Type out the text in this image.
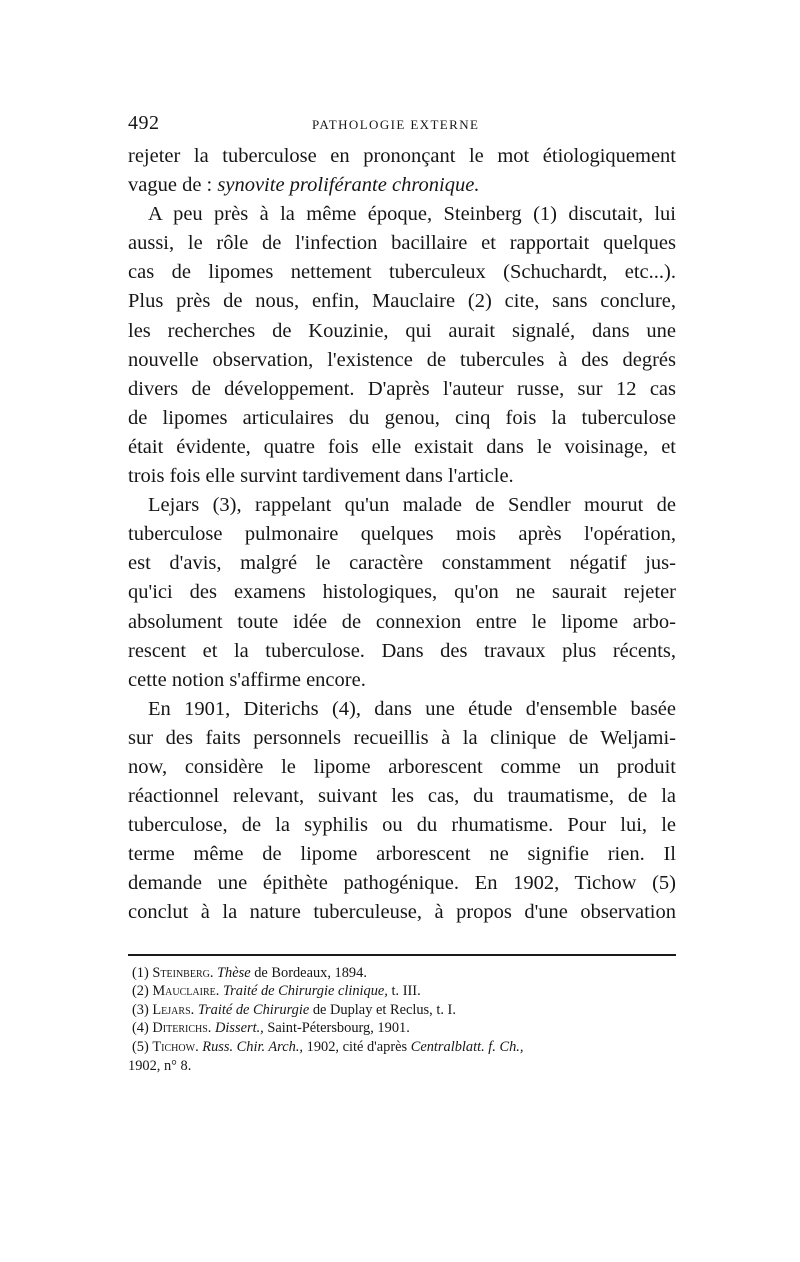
492	PATHOLOGIE EXTERNE
rejeter la tuberculose en prononçant le mot étiologiquement
vague de : synovite proliférante chronique.
A peu près à la même époque, Steinberg (1) discutait, lui
aussi, le rôle de l'infection bacillaire et rapportait quelques
cas de lipomes nettement tuberculeux (Schuchardt, etc...).
Plus près de nous, enfin, Mauclaire (2) cite, sans conclure,
les recherches de Kouzinie, qui aurait signalé, dans une
nouvelle observation, l'existence de tubercules à des degrés
divers de développement. D'après l'auteur russe, sur 12 cas
de lipomes articulaires du genou, cinq fois la tuberculose
était évidente, quatre fois elle existait dans le voisinage, et
trois fois elle survint tardivement dans l'article.
Lejars (3), rappelant qu'un malade de Sendler mourut de
tuberculose pulmonaire quelques mois après l'opération,
est d'avis, malgré le caractère constamment négatif jus-
qu'ici des examens histologiques, qu'on ne saurait rejeter
absolument toute idée de connexion entre le lipome arbo-
rescent et la tuberculose. Dans des travaux plus récents,
cette notion s'affirme encore.
En 1901, Diterichs (4), dans une étude d'ensemble basée
sur des faits personnels recueillis à la clinique de Weljami-
now, considère le lipome arborescent comme un produit
réactionnel relevant, suivant les cas, du traumatisme, de la
tuberculose, de la syphilis ou du rhumatisme. Pour lui, le
terme même de lipome arborescent ne signifie rien. Il
demande une épithète pathogénique. En 1902, Tichow (5)
conclut à la nature tuberculeuse, à propos d'une observation
(1) Steinberg. Thèse de Bordeaux, 1894.
(2) Mauclaire. Traité de Chirurgie clinique, t. III.
(3) Lejars. Traité de Chirurgie de Duplay et Reclus, t. I.
(4) Diterichs. Dissert., Saint-Pétersbourg, 1901.
(5) Tichow. Russ. Chir. Arch., 1902, cité d'après Centralblatt. f. Ch.,
1902, n° 8.
